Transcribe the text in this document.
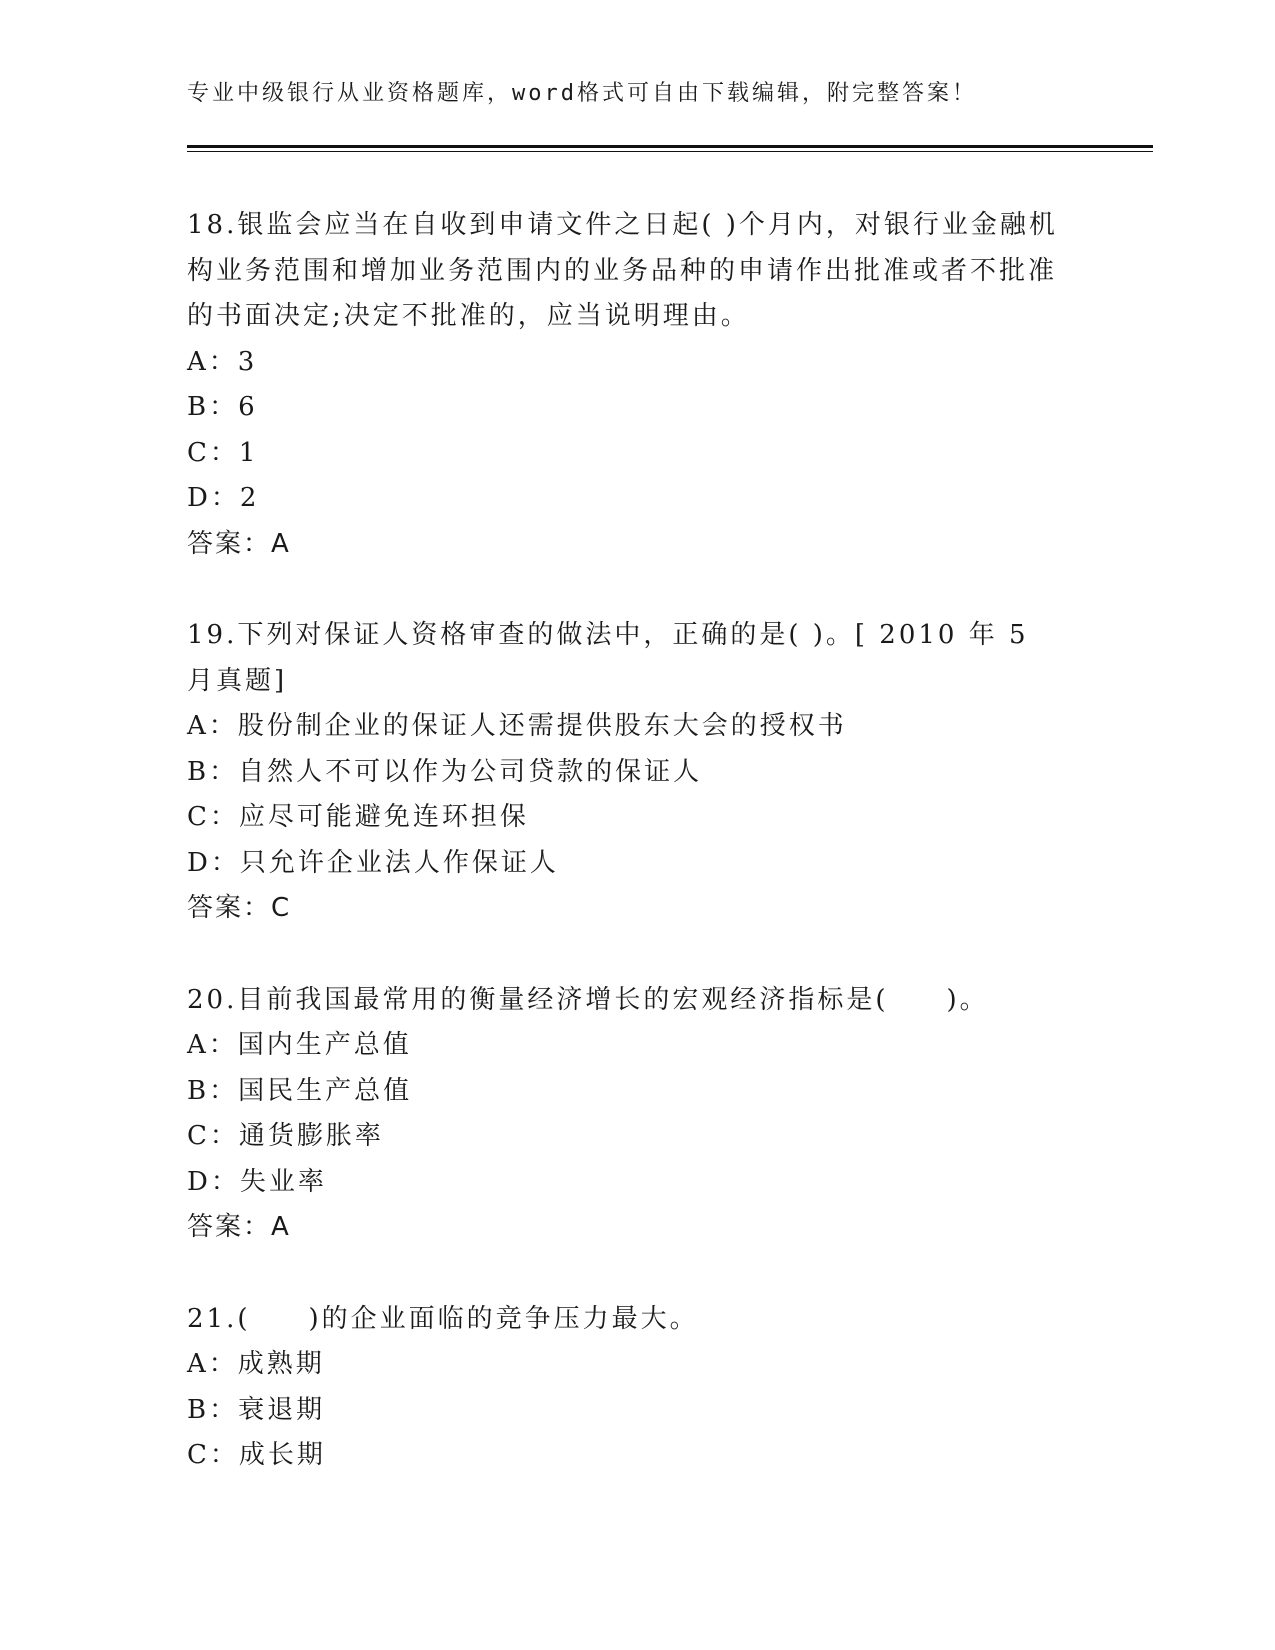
专业中级银行从业资格题库，word格式可自由下载编辑，附完整答案！

18.银监会应当在自收到申请文件之日起( )个月内，对银行业金融机构业务范围和增加业务范围内的业务品种的申请作出批准或者不批准的书面决定;决定不批准的，应当说明理由。

A：3

B：6

C：1

D：2

答案：A

19.下列对保证人资格审查的做法中，正确的是( )。[ 2010 年 5 月真题]

A：股份制企业的保证人还需提供股东大会的授权书

B：自然人不可以作为公司贷款的保证人

C：应尽可能避免连环担保

D：只允许企业法人作保证人

答案：C

20.目前我国最常用的衡量经济增长的宏观经济指标是(　　)。

A：国内生产总值

B：国民生产总值

C：通货膨胀率

D：失业率

答案：A

21.(　　)的企业面临的竞争压力最大。

A：成熟期

B：衰退期

C：成长期
